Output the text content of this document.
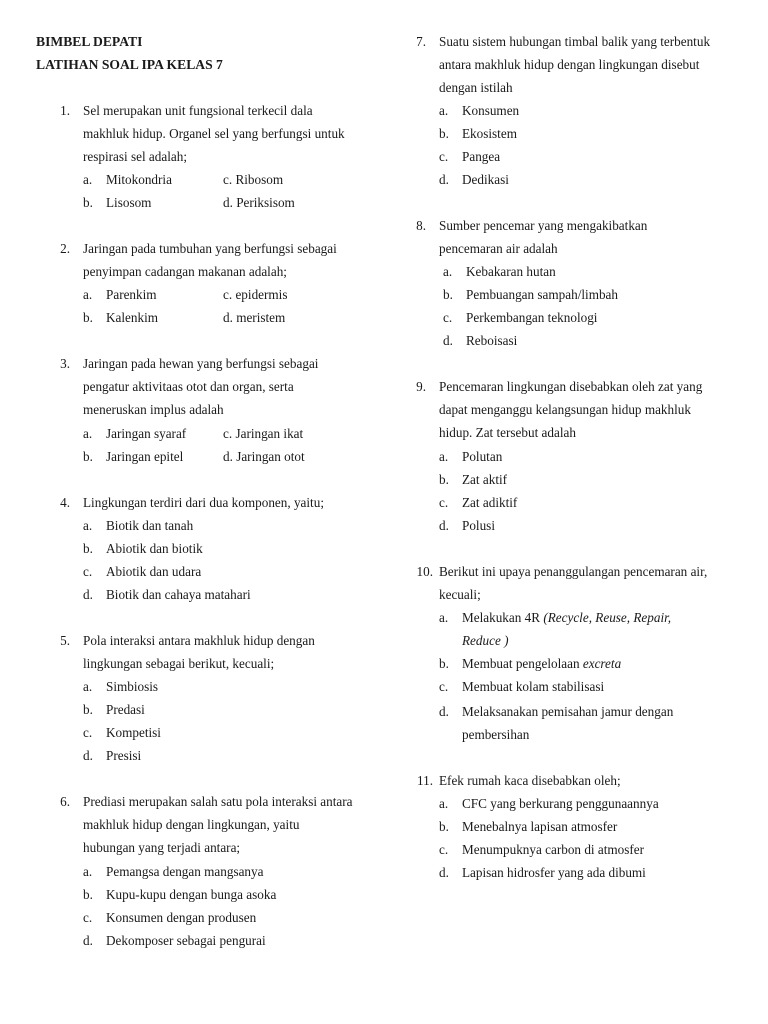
BIMBEL DEPATI
LATIHAN SOAL IPA KELAS 7
1. Sel merupakan unit fungsional terkecil dala
makhluk hidup. Organel sel yang berfungsi untuk
respirasi sel adalah;
a. Mitokondria	c. Ribosom
b. Lisosom	d. Periksisom
2. Jaringan pada tumbuhan yang berfungsi sebagai
penyimpan cadangan makanan adalah;
a. Parenkim	c. epidermis
b. Kalenkim	d. meristem
3. Jaringan pada hewan yang berfungsi sebagai
pengatur aktivitaas otot dan organ, serta
meneruskan implus adalah
a. Jaringan syaraf	c. Jaringan ikat
b. Jaringan epitel	d. Jaringan otot
4. Lingkungan terdiri dari dua komponen, yaitu;
a. Biotik dan tanah
b. Abiotik dan biotik
c. Abiotik dan udara
d. Biotik dan cahaya matahari
5. Pola interaksi antara makhluk hidup dengan
lingkungan sebagai berikut, kecuali;
a. Simbiosis
b. Predasi
c. Kompetisi
d. Presisi
6. Prediasi merupakan salah satu pola interaksi antara
makhluk hidup dengan lingkungan, yaitu
hubungan yang terjadi antara;
a. Pemangsa dengan mangsanya
b. Kupu-kupu dengan bunga asoka
c. Konsumen dengan produsen
d. Dekomposer sebagai pengurai
7. Suatu sistem hubungan timbal balik yang terbentuk
antara makhluk hidup dengan lingkungan disebut
dengan istilah
a. Konsumen
b. Ekosistem
c. Pangea
d. Dedikasi
8. Sumber pencemar yang mengakibatkan
pencemaran air adalah
a. Kebakaran hutan
b. Pembuangan sampah/limbah
c. Perkembangan teknologi
d. Reboisasi
9. Pencemaran lingkungan disebabkan oleh zat yang
dapat menganggu kelangsungan hidup makhluk
hidup. Zat tersebut adalah
a. Polutan
b. Zat aktif
c. Zat adiktif
d. Polusi
10. Berikut ini upaya penanggulangan pencemaran air,
kecuali;
a. Melakukan 4R (Recycle, Reuse, Repair,
Reduce )
b. Membuat pengelolaan excreta
c. Membuat kolam stabilisasi
d. Melaksanakan pemisahan jamur dengan
pembersihan
11. Efek rumah kaca disebabkan oleh;
a. CFC yang berkurang penggunaannya
b. Menebalnya lapisan atmosfer
c. Menumpuknya carbon di atmosfer
d. Lapisan hidrosfer yang ada dibumi
